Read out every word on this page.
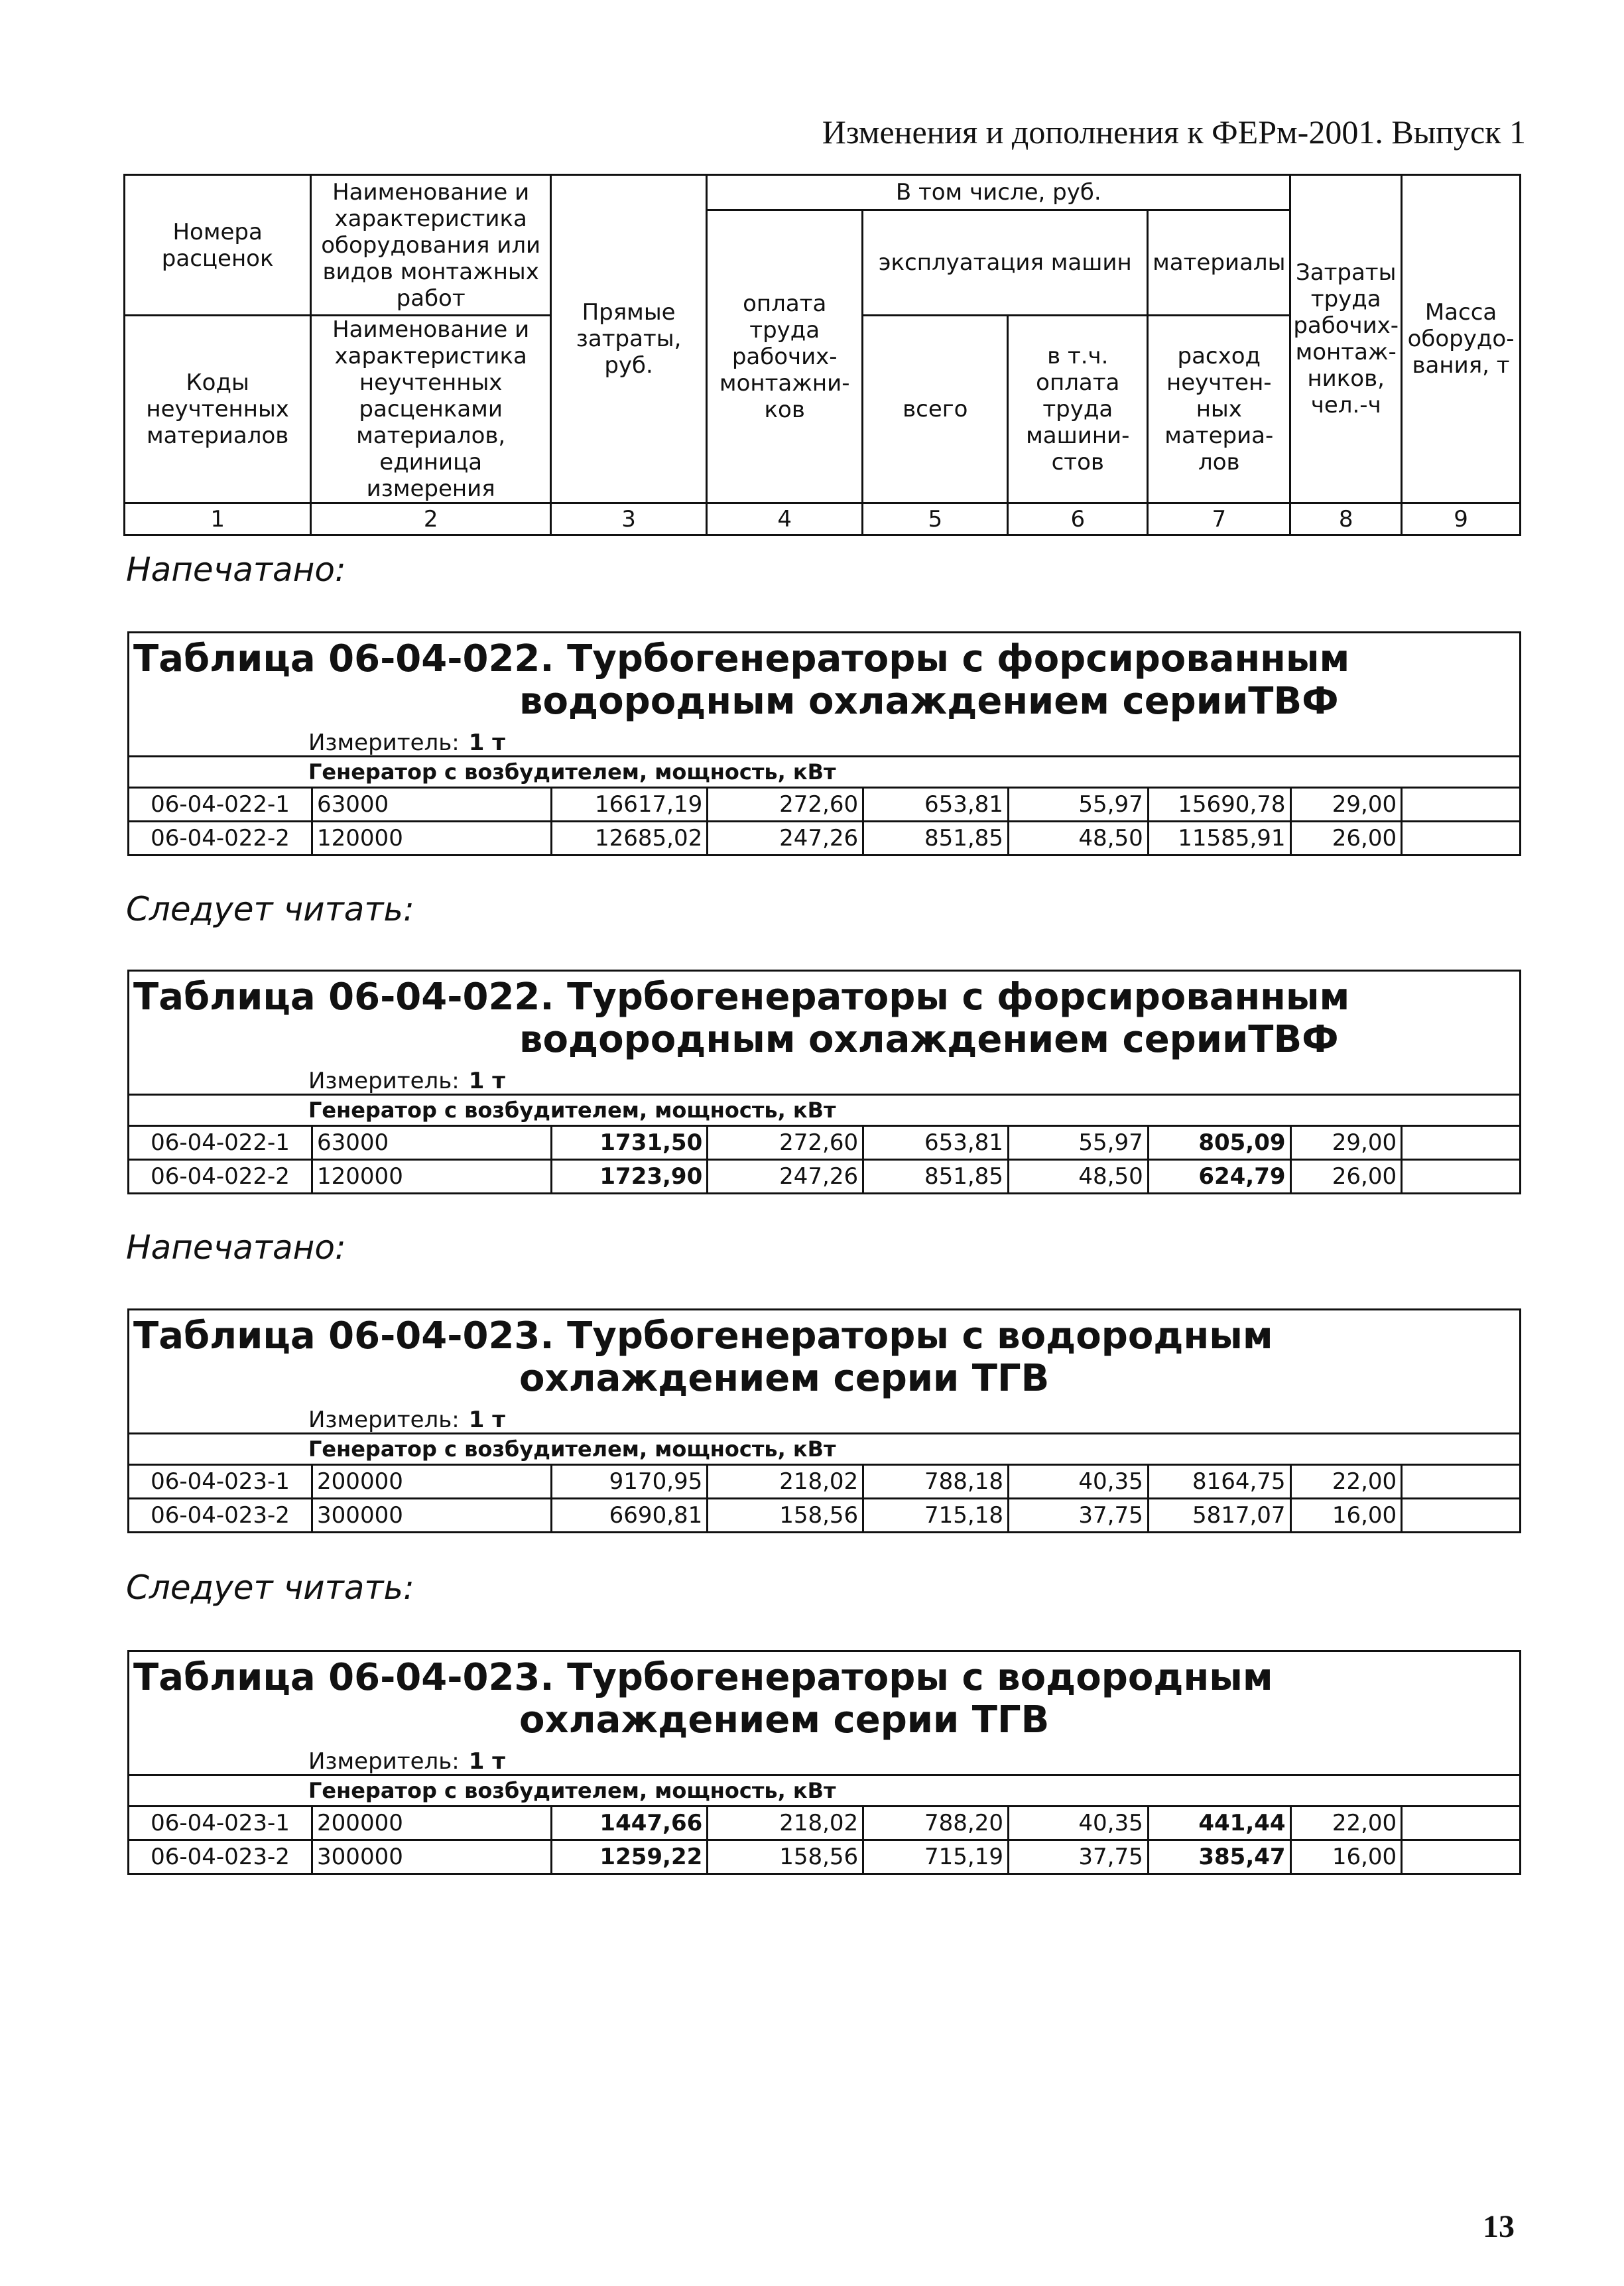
Изменения и дополнения к ФЕРм-2001. Выпуск 1
Номера расценок	Наименование и характеристика оборудования или видов монтажных работ	Прямые затраты, руб.	В том числе, руб.				Затраты труда рабочих-монтаж-ников, чел.-ч	Масса оборудо-вания, т
			оплата труда рабочих-монтажни-ков	эксплуатация машин		материалы		
Коды неучтенных материалов	Наименование и характеристика неучтенных расценками материалов, единица измерения			всего	в т.ч. оплата труда машини-стов	расход неучтен-ных материа-лов		

1	2	3	4	5	6	7	8	9
Напечатано:
Таблица 06-04-022. Турбогенераторы с форсированным
водородным охлаждением серииТВФ
Измеритель: 1 т								

Генератор с возбудителем, мощность, кВт								
06-04-022-1	63000	16617,19	272,60	653,81	55,97	15690,78	29,00	
06-04-022-2	120000	12685,02	247,26	851,85	48,50	11585,91	26,00	
Следует читать:
Таблица 06-04-022. Турбогенераторы с форсированным
водородным охлаждением серииТВФ
Измеритель: 1 т								

Генератор с возбудителем, мощность, кВт								
06-04-022-1	63000	1731,50	272,60	653,81	55,97	805,09	29,00	
06-04-022-2	120000	1723,90	247,26	851,85	48,50	624,79	26,00	
Напечатано:
Таблица 06-04-023. Турбогенераторы с водородным
охлаждением серии ТГВ
Измеритель: 1 т								

Генератор с возбудителем, мощность, кВт								
06-04-023-1	200000	9170,95	218,02	788,18	40,35	8164,75	22,00	
06-04-023-2	300000	6690,81	158,56	715,18	37,75	5817,07	16,00	
Следует читать:
Таблица 06-04-023. Турбогенераторы с водородным
охлаждением серии ТГВ
Измеритель: 1 т								

Генератор с возбудителем, мощность, кВт								
06-04-023-1	200000	1447,66	218,02	788,20	40,35	441,44	22,00	
06-04-023-2	300000	1259,22	158,56	715,19	37,75	385,47	16,00	
13
